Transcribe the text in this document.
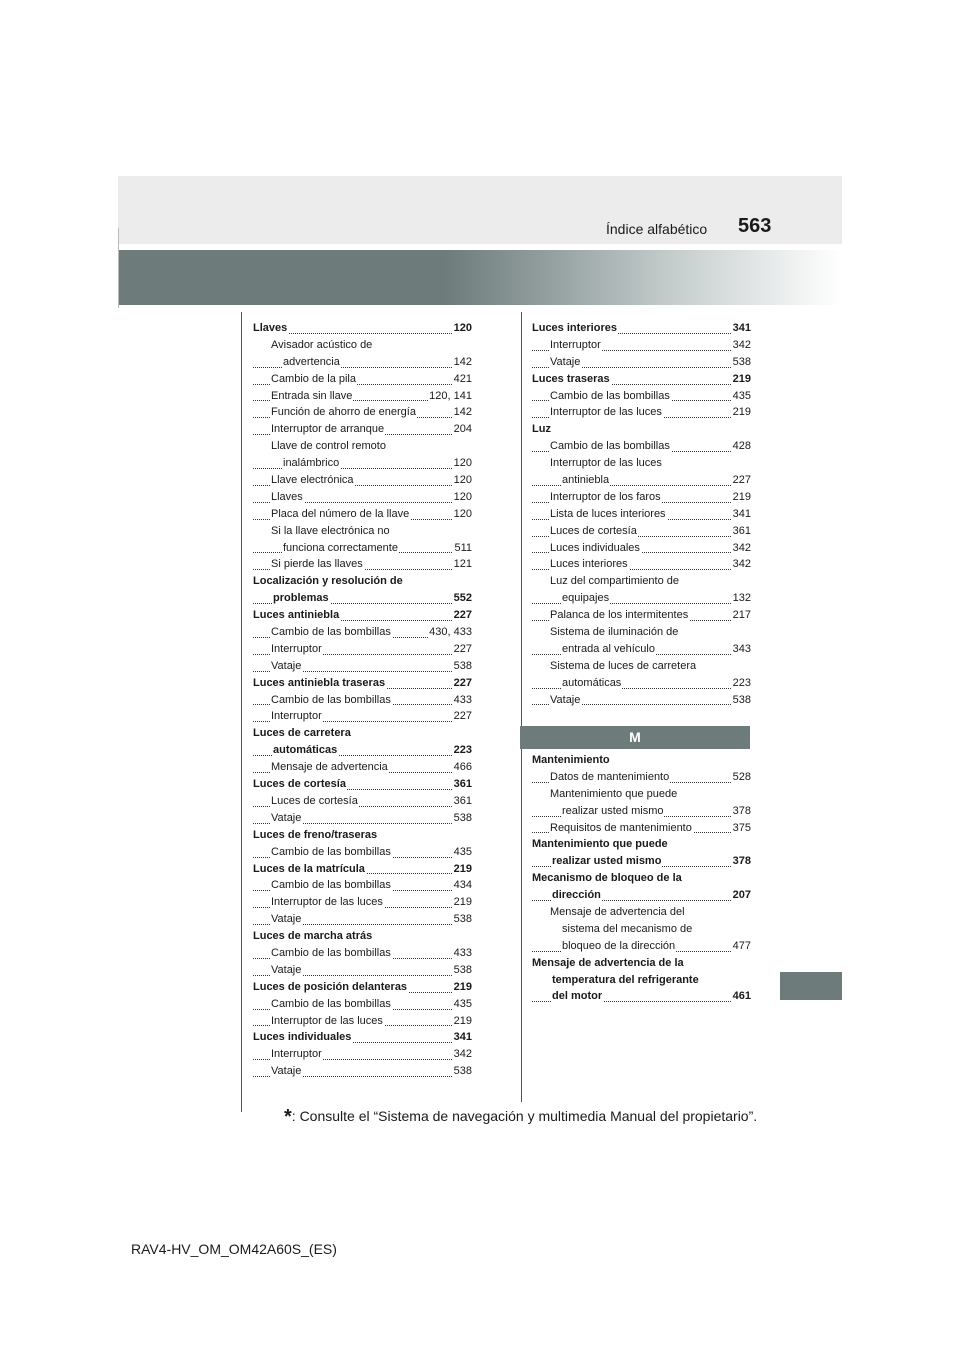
Índice alfabético 563
120
Llaves
Avisador acústico de
142
advertencia
421
Cambio de la pila
120, 141
Entrada sin llave
142
Función de ahorro de energía
204
Interruptor de arranque
Llave de control remoto
120
inalámbrico
120
Llave electrónica
120
Llaves
120
Placa del número de la llave
Si la llave electrónica no
511
funciona correctamente
121
Si pierde las llaves
Localización y resolución de
552
problemas
227
Luces antiniebla
430, 433
Cambio de las bombillas
227
Interruptor
538
Vataje
227
Luces antiniebla traseras
433
Cambio de las bombillas
227
Interruptor
Luces de carretera
223
automáticas
466
Mensaje de advertencia
361
Luces de cortesía
361
Luces de cortesía
538
Vataje
Luces de freno/traseras
435
Cambio de las bombillas
219
Luces de la matrícula
434
Cambio de las bombillas
219
Interruptor de las luces
538
Vataje
Luces de marcha atrás
433
Cambio de las bombillas
538
Vataje
219
Luces de posición delanteras
435
Cambio de las bombillas
219
Interruptor de las luces
341
Luces individuales
342
Interruptor
538
Vataje
341
Luces interiores
342
Interruptor
538
Vataje
219
Luces traseras
435
Cambio de las bombillas
219
Interruptor de las luces
Luz
428
Cambio de las bombillas
Interruptor de las luces
227
antiniebla
219
Interruptor de los faros
341
Lista de luces interiores
361
Luces de cortesía
342
Luces individuales
342
Luces interiores
Luz del compartimiento de
132
equipajes
217
Palanca de los intermitentes
Sistema de iluminación de
343
entrada al vehículo
Sistema de luces de carretera
223
automáticas
538
Vataje
M
Mantenimiento
528
Datos de mantenimiento
Mantenimiento que puede
378
realizar usted mismo
375
Requisitos de mantenimiento
Mantenimiento que puede
378
realizar usted mismo
Mecanismo de bloqueo de la
207
dirección
Mensaje de advertencia del
sistema del mecanismo de
477
bloqueo de la dirección
Mensaje de advertencia de la
temperatura del refrigerante
461
del motor
*: Consulte el “Sistema de navegación y multimedia Manual del propietario”.
RAV4-HV_OM_OM42A60S_(ES)
